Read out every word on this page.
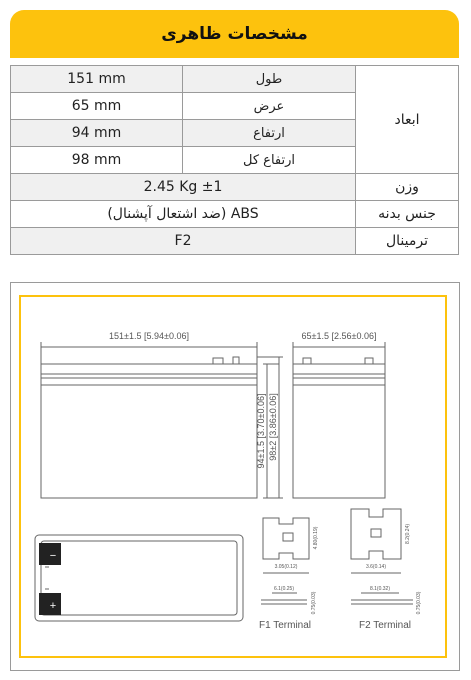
مشخصات ظاهری
ابعاد	طول	151 mm
	عرض	65 mm
	ارتفاع	94 mm
	ارتفاع کل	98 mm
وزن	2.45 Kg ±1	
جنس بدنه	ABS (ضد اشتعال آپشنال)	
ترمینال	F2	
−
+
151±1.5 [5.94±0.06]	65±1.5 [2.56±0.06]
94±1.5 [3.70±0.06] 98±2 [3.86±0.06]
3.05(0.12)
4.80(0.19)
6.1(0.25)
0.75(0.03)
3.6(0.14)
8.2(0.24)
8.1(0.32)
0.75(0.03)
F1 Terminal	F2 Terminal
